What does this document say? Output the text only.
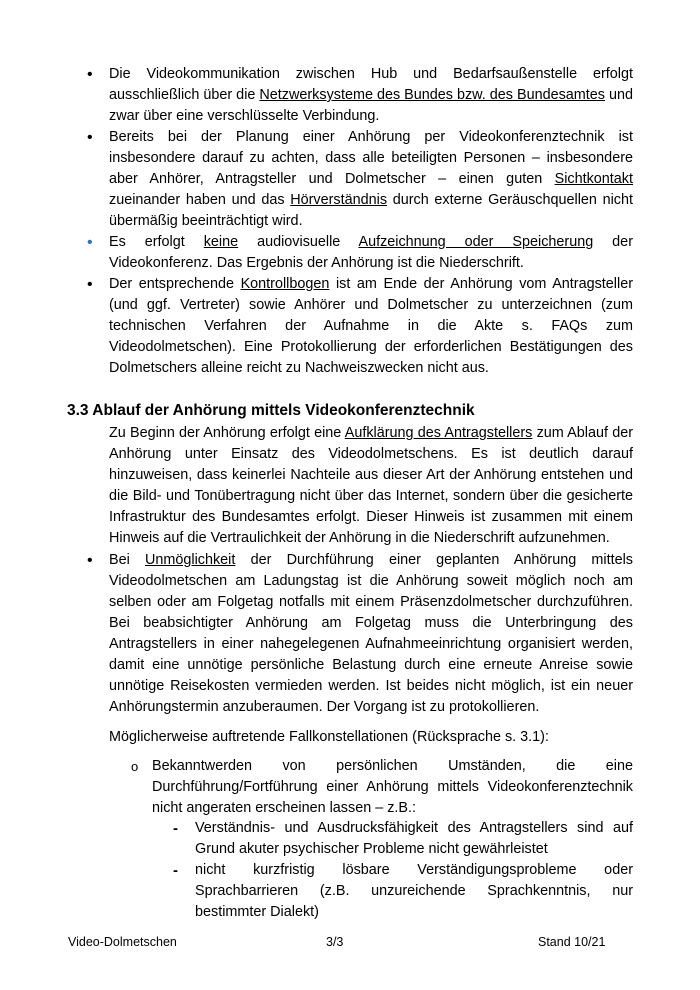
•	Die Videokommunikation zwischen Hub und Bedarfsaußenstelle erfolgt ausschließlich über die Netzwerksysteme des Bundes bzw. des Bundesamtes und zwar über eine verschlüsselte Verbindung.
•	Bereits bei der Planung einer Anhörung per Videokonferenztechnik ist insbesondere darauf zu achten, dass alle beteiligten Personen – insbesondere aber Anhörer, Antragsteller und Dolmetscher – einen guten Sichtkontakt zueinander haben und das Hörverständnis durch externe Geräuschquellen nicht übermäßig beeinträchtigt wird.
•	Es erfolgt keine audiovisuelle Aufzeichnung oder Speicherung der Videokonferenz. Das Ergebnis der Anhörung ist die Niederschrift.
•	Der entsprechende Kontrollbogen ist am Ende der Anhörung vom Antragsteller (und ggf. Vertreter) sowie Anhörer und Dolmetscher zu unterzeichnen (zum technischen Verfahren der Aufnahme in die Akte s. FAQs zum Videodolmetschen). Eine Protokollierung der erforderlichen Bestätigungen des Dolmetschers alleine reicht zu Nachweiszwecken nicht aus.
3.3 Ablauf der Anhörung mittels Videokonferenztechnik
Zu Beginn der Anhörung erfolgt eine Aufklärung des Antragstellers zum Ablauf der Anhörung unter Einsatz des Videodolmetschens. Es ist deutlich darauf hinzuweisen, dass keinerlei Nachteile aus dieser Art der Anhörung entstehen und die Bild- und Tonübertragung nicht über das Internet, sondern über die gesicherte Infrastruktur des Bundesamtes erfolgt. Dieser Hinweis ist zusammen mit einem Hinweis auf die Vertraulichkeit der Anhörung in die Niederschrift aufzunehmen.
•	Bei Unmöglichkeit der Durchführung einer geplanten Anhörung mittels Videodolmetschen am Ladungstag ist die Anhörung soweit möglich noch am selben oder am Folgetag notfalls mit einem Präsenzdolmetscher durchzuführen. Bei beabsichtigter Anhörung am Folgetag muss die Unterbringung des Antragstellers in einer nahegelegenen Aufnahmeeinrichtung organisiert werden, damit eine unnötige persönliche Belastung durch eine erneute Anreise sowie unnötige Reisekosten vermieden werden. Ist beides nicht möglich, ist ein neuer Anhörungstermin anzuberaumen. Der Vorgang ist zu protokollieren.
Möglicherweise auftretende Fallkonstellationen (Rücksprache s. 3.1):
o Bekanntwerden von persönlichen Umständen, die eine Durchführung/Fortführung einer Anhörung mittels Videokonferenztechnik nicht angeraten erscheinen lassen – z.B.:
- Verständnis- und Ausdrucksfähigkeit des Antragstellers sind auf Grund akuter psychischer Probleme nicht gewährleistet
- nicht kurzfristig lösbare Verständigungsprobleme oder Sprachbarrieren (z.B. unzureichende Sprachkenntnis, nur bestimmter Dialekt)
Video-Dolmetschen	3/3	Stand 10/21
